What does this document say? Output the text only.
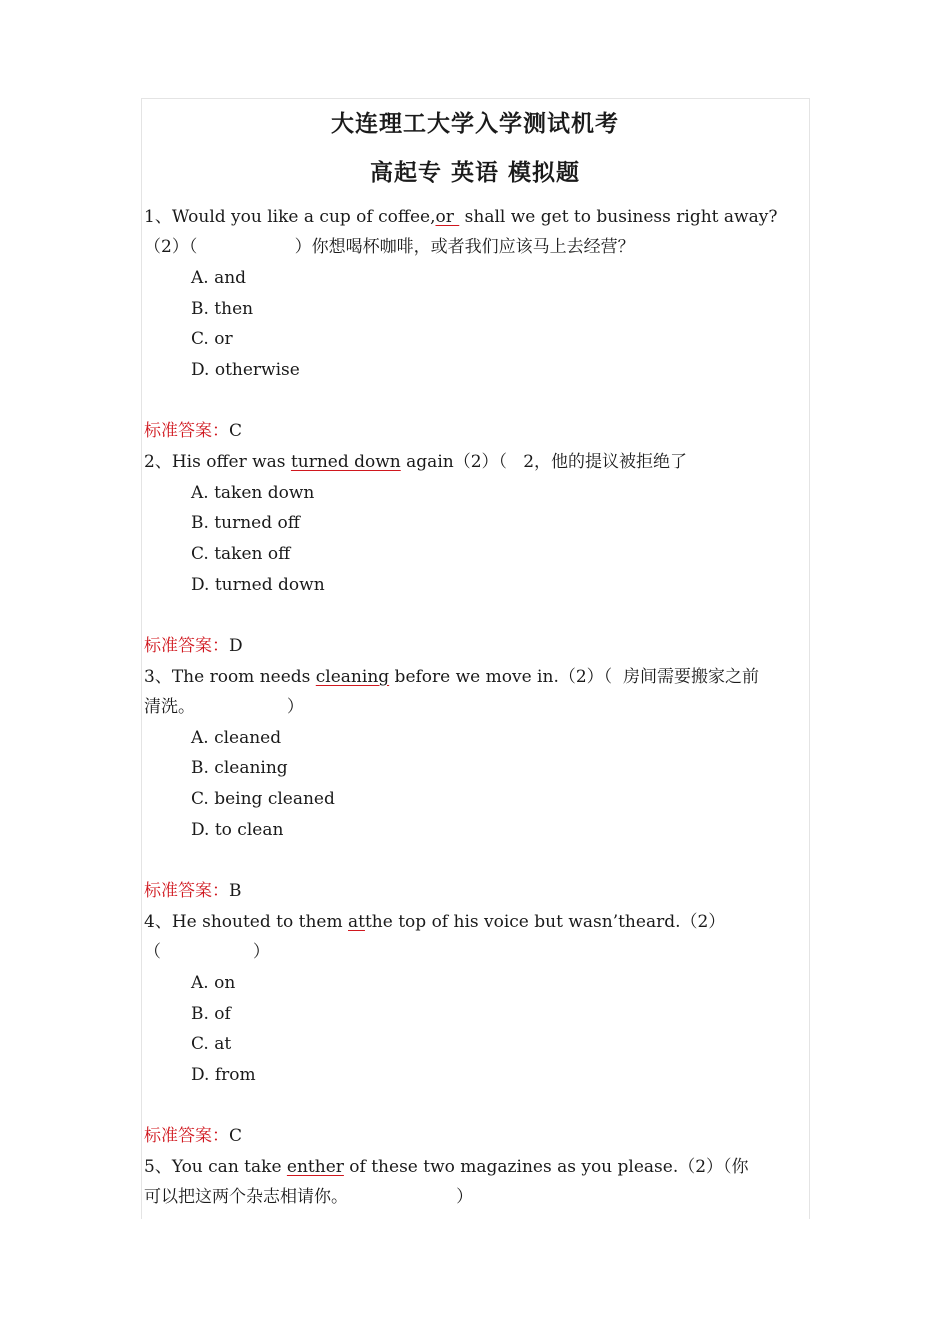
大连理工大学入学测试机考
高起专 英语 模拟题
1、Would you like a cup of coffee,or  shall we get to business right away?
（2）（                  ）你想喝杯咖啡，或者我们应该马上去经营？
A. and
B. then
C. or
D. otherwise
标准答案：C
2、His offer was turned down again（2）（   2，他的提议被拒绝了
A. taken down
B. turned off
C. taken off
D. turned down
标准答案：D
3、The room needs cleaning before we move in.（2）（  房间需要搬家之前
清洗。                 ）
A. cleaned
B. cleaning
C. being cleaned
D. to clean
标准答案：B
4、He shouted to them atthe top of his voice but wasn’theard.（2）
（                 ）
A. on
B. of
C. at
D. from
标准答案：C
5、You can take enther of these two magazines as you please.（2）（你
可以把这两个杂志相请你。                    ）
